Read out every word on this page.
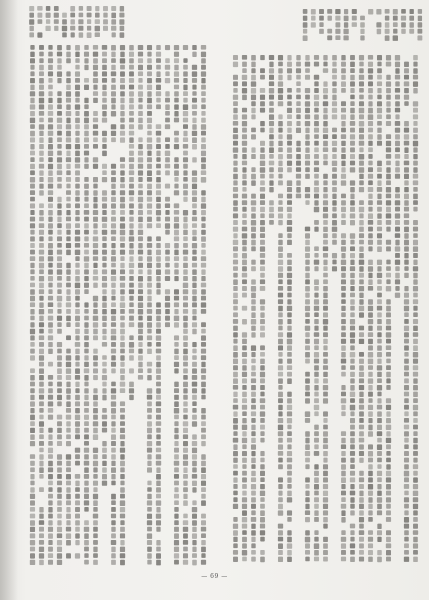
— 69 —
